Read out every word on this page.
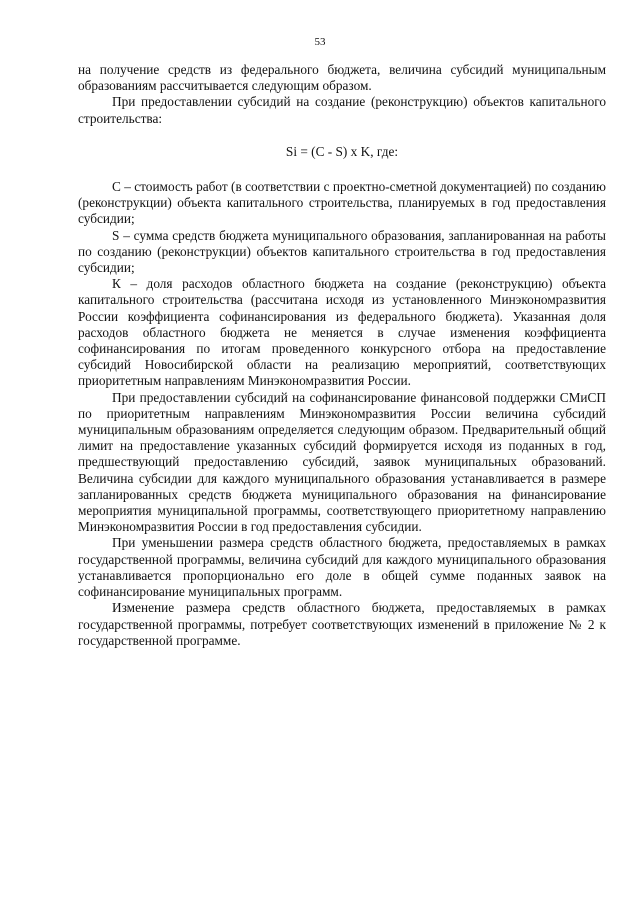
53

на получение средств из федерального бюджета, величина субсидий муниципальным образованиям рассчитывается следующим образом.

При предоставлении субсидий на создание (реконструкцию) объектов капитального строительства:

Si = (C - S) x K, где:

С – стоимость работ (в соответствии с проектно-сметной документацией) по созданию (реконструкции) объекта капитального строительства, планируемых в год предоставления субсидии;

S – сумма средств бюджета муниципального образования, запланированная на работы по созданию (реконструкции) объектов капитального строительства в год предоставления субсидии;

К – доля расходов областного бюджета на создание (реконструкцию) объекта капитального строительства (рассчитана исходя из установленного Минэкономразвития России коэффициента софинансирования из федерального бюджета). Указанная доля расходов областного бюджета не меняется в случае изменения коэффициента софинансирования по итогам проведенного конкурсного отбора на предоставление субсидий Новосибирской области на реализацию мероприятий, соответствующих приоритетным направлениям Минэкономразвития России.

При предоставлении субсидий на софинансирование финансовой поддержки СМиСП по приоритетным направлениям Минэкономразвития России величина субсидий муниципальным образованиям определяется следующим образом. Предварительный общий лимит на предоставление указанных субсидий формируется исходя из поданных в год, предшествующий предоставлению субсидий, заявок муниципальных образований. Величина субсидии для каждого муниципального образования устанавливается в размере запланированных средств бюджета муниципального образования на финансирование мероприятия муниципальной программы, соответствующего приоритетному направлению Минэкономразвития России в год предоставления субсидии.

При уменьшении размера средств областного бюджета, предоставляемых в рамках государственной программы, величина субсидий для каждого муниципального образования устанавливается пропорционально его доле в общей сумме поданных заявок на софинансирование муниципальных программ.

Изменение размера средств областного бюджета, предоставляемых в рамках государственной программы, потребует соответствующих изменений в приложение № 2 к государственной программе.
